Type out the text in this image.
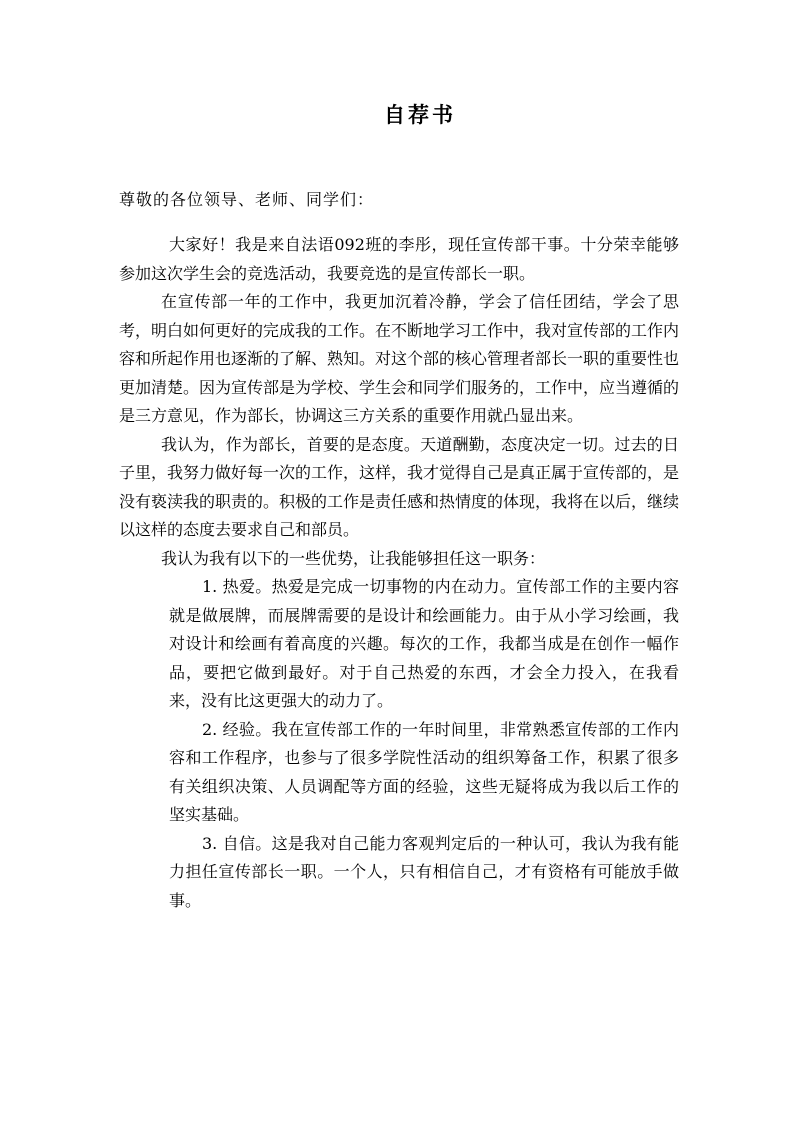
自荐书
尊敬的各位领导、老师、同学们：

大家好！我是来自法语092班的李彤，现任宣传部干事。十分荣幸能够参加这次学生会的竞选活动，我要竞选的是宣传部长一职。

在宣传部一年的工作中，我更加沉着冷静，学会了信任团结，学会了思考，明白如何更好的完成我的工作。在不断地学习工作中，我对宣传部的工作内容和所起作用也逐渐的了解、熟知。对这个部的核心管理者部长一职的重要性也更加清楚。因为宣传部是为学校、学生会和同学们服务的，工作中，应当遵循的是三方意见，作为部长，协调这三方关系的重要作用就凸显出来。

我认为，作为部长，首要的是态度。天道酬勤，态度决定一切。过去的日子里，我努力做好每一次的工作，这样，我才觉得自己是真正属于宣传部的，是没有亵渎我的职责的。积极的工作是责任感和热情度的体现，我将在以后，继续以这样的态度去要求自己和部员。

我认为我有以下的一些优势，让我能够担任这一职务：

1. 热爱。热爱是完成一切事物的内在动力。宣传部工作的主要内容就是做展牌，而展牌需要的是设计和绘画能力。由于从小学习绘画，我对设计和绘画有着高度的兴趣。每次的工作，我都当成是在创作一幅作品，要把它做到最好。对于自己热爱的东西，才会全力投入，在我看来，没有比这更强大的动力了。

2. 经验。我在宣传部工作的一年时间里，非常熟悉宣传部的工作内容和工作程序，也参与了很多学院性活动的组织筹备工作，积累了很多有关组织决策、人员调配等方面的经验，这些无疑将成为我以后工作的坚实基础。

3. 自信。这是我对自己能力客观判定后的一种认可，我认为我有能力担任宣传部长一职。一个人，只有相信自己，才有资格有可能放手做事。
